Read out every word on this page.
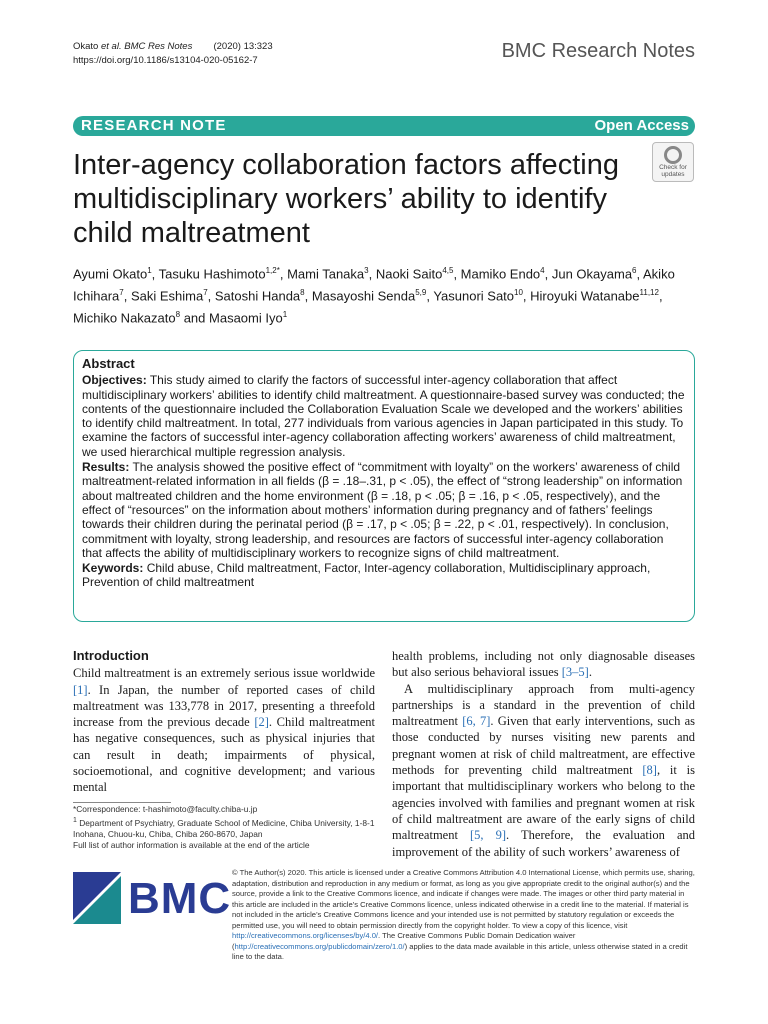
Okato et al. BMC Res Notes (2020) 13:323
https://doi.org/10.1186/s13104-020-05162-7	BMC Research Notes
RESEARCH NOTE	Open Access
Check for
updates
Inter-agency collaboration factors affecting multidisciplinary workers’ ability to identify child maltreatment
Ayumi Okato$^1$, Tasuku Hashimoto$^{1,2*}$, Mami Tanaka$^3$, Naoki Saito$^{4,5}$, Mamiko Endo$^4$, Jun Okayama$^6$, Akiko Ichihara$^7$, Saki Eshima$^7$, Satoshi Handa$^8$, Masayoshi Senda$^{5,9}$, Yasunori Sato$^{10}$, Hiroyuki Watanabe$^{11,12}$, Michiko Nakazato$^8$ and Masaomi Iyo$^1$
Abstract

Objectives: This study aimed to clarify the factors of successful inter-agency collaboration that affect multidisciplinary workers’ abilities to identify child maltreatment. A questionnaire-based survey was conducted; the contents of the questionnaire included the Collaboration Evaluation Scale we developed and the workers’ abilities to identify child maltreatment. In total, 277 individuals from various agencies in Japan participated in this study. To examine the factors of successful inter-agency collaboration affecting workers’ awareness of child maltreatment, we used hierarchical multiple regression analysis.

Results: The analysis showed the positive effect of “commitment with loyalty” on the workers’ awareness of child maltreatment-related information in all fields (β = .18–.31, p < .05), the effect of “strong leadership” on information about maltreated children and the home environment (β = .18, p < .05; β = .16, p < .05, respectively), and the effect of “resources” on the information about mothers’ information during pregnancy and of fathers’ feelings towards their children during the perinatal period (β = .17, p < .05; β = .22, p < .01, respectively). In conclusion, commitment with loyalty, strong leadership, and resources are factors of successful inter-agency collaboration that affects the ability of multidisciplinary workers to recognize signs of child maltreatment.

Keywords: Child abuse, Child maltreatment, Factor, Inter-agency collaboration, Multidisciplinary approach, Prevention of child maltreatment

Introduction

Child maltreatment is an extremely serious issue worldwide [1]. In Japan, the number of reported cases of child maltreatment was 133,778 in 2017, presenting a threefold increase from the previous decade [2]. Child maltreatment has negative consequences, such as physical injuries that can result in death; impairments of physical, socioemotional, and cognitive development; and various mental

health problems, including not only diagnosable diseases but also serious behavioral issues [3–5].

A multidisciplinary approach from multi-agency partnerships is a standard in the prevention of child maltreatment [6, 7]. Given that early interventions, such as those conducted by nurses visiting new parents and pregnant women at risk of child maltreatment, are effective methods for preventing child maltreatment [8], it is important that multidisciplinary workers who belong to the agencies involved with families and pregnant women at risk of child maltreatment are aware of the early signs of child maltreatment [5, 9]. Therefore, the evaluation and improvement of the ability of such workers’ awareness of

*Correspondence: t-hashimoto@faculty.chiba-u.jp
$^1$ Department of Psychiatry, Graduate School of Medicine, Chiba University, 1-8-1 Inohana, Chuou-ku, Chiba, Chiba 260-8670, Japan
Full list of author information is available at the end of the article
BMC
© The Author(s) 2020. This article is licensed under a Creative Commons Attribution 4.0 International License, which permits use, sharing, adaptation, distribution and reproduction in any medium or format, as long as you give appropriate credit to the original author(s) and the source, provide a link to the Creative Commons licence, and indicate if changes were made. The images or other third party material in this article are included in the article’s Creative Commons licence, unless indicated otherwise in a credit line to the material. If material is not included in the article’s Creative Commons licence and your intended use is not permitted by statutory regulation or exceeds the permitted use, you will need to obtain permission directly from the copyright holder. To view a copy of this licence, visit http://creativecommons.org/licenses/by/4.0/. The Creative Commons Public Domain Dedication waiver (http://creativecommons.org/publicdomain/zero/1.0/) applies to the data made available in this article, unless otherwise stated in a credit line to the data.
